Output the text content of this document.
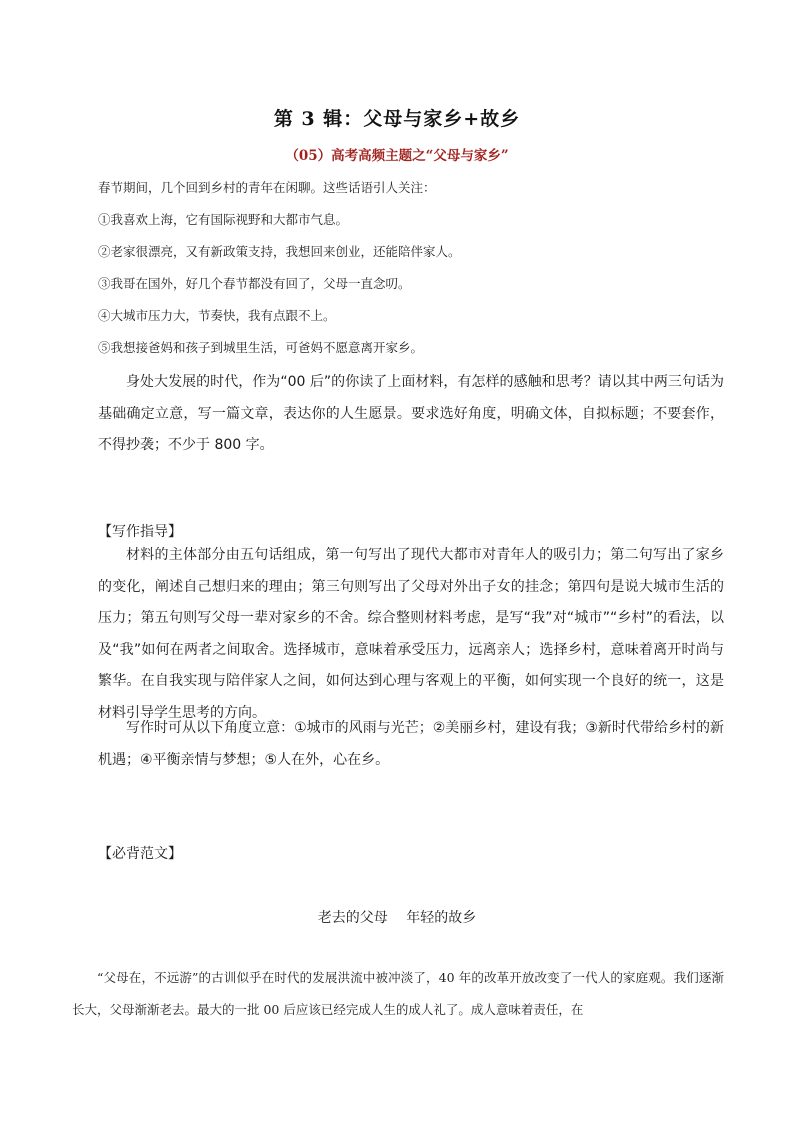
第 3 辑：父母与家乡+故乡
（05）高考高频主题之“父母与家乡”
春节期间，几个回到乡村的青年在闲聊。这些话语引人关注：
①我喜欢上海，它有国际视野和大都市气息。
②老家很漂亮，又有新政策支持，我想回来创业，还能陪伴家人。
③我哥在国外，好几个春节都没有回了，父母一直念叨。
④大城市压力大，节奏快，我有点跟不上。
⑤我想接爸妈和孩子到城里生活，可爸妈不愿意离开家乡。

身处大发展的时代，作为“00 后”的你读了上面材料，有怎样的感触和思考？请以其中两三句话为基础确定立意，写一篇文章，表达你的人生愿景。要求选好角度，明确文体，自拟标题；不要套作，不得抄袭；不少于 800 字。

【写作指导】

材料的主体部分由五句话组成，第一句写出了现代大都市对青年人的吸引力；第二句写出了家乡的变化，阐述自己想归来的理由；第三句则写出了父母对外出子女的挂念；第四句是说大城市生活的压力；第五句则写父母一辈对家乡的不舍。综合整则材料考虑，是写“我”对“城市”“乡村”的看法，以及“我”如何在两者之间取舍。选择城市，意味着承受压力，远离亲人；选择乡村，意味着离开时尚与繁华。在自我实现与陪伴家人之间，如何达到心理与客观上的平衡，如何实现一个良好的统一，这是材料引导学生思考的方向。

写作时可从以下角度立意：①城市的风雨与光芒；②美丽乡村，建设有我；③新时代带给乡村的新机遇；④平衡亲情与梦想；⑤人在外，心在乡。

【必背范文】
老去的父母 年轻的故乡

“父母在，不远游”的古训似乎在时代的发展洪流中被冲淡了，40 年的改革开放改变了一代人的家庭观。我们逐渐长大，父母渐渐老去。最大的一批 00 后应该已经完成人生的成人礼了。成人意味着责任，在
